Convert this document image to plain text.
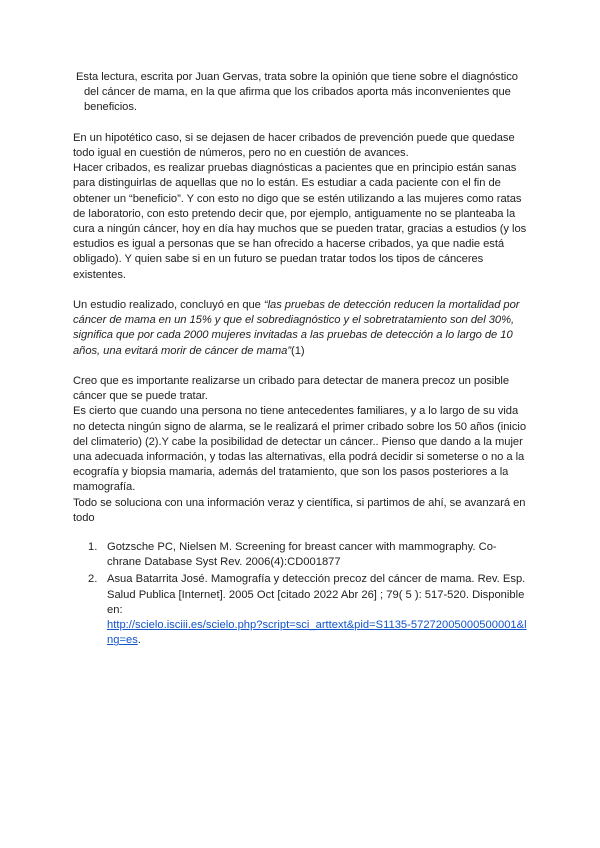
Esta lectura, escrita por Juan Gervas, trata sobre la opinión que tiene sobre el diagnóstico
del cáncer de mama, en la que afirma que los cribados aporta más inconvenientes que
beneficios.

En un hipotético caso, si se dejasen de hacer cribados de prevención puede que quedase todo igual en cuestión de números, pero no en cuestión de avances.

Hacer cribados, es realizar pruebas diagnósticas a pacientes que en principio están sanas para distinguirlas de aquellas que no lo están. Es estudiar a cada paciente con el fin de obtener un “beneficio”. Y con esto no digo que se estén utilizando a las mujeres como ratas de laboratorio, con esto pretendo decir que, por ejemplo, antiguamente no se planteaba la cura a ningún cáncer, hoy en día hay muchos que se pueden tratar, gracias a estudios (y los estudios es igual a personas que se han ofrecido a hacerse cribados, ya que nadie está obligado). Y quien sabe si en un futuro se puedan tratar todos los tipos de cánceres existentes.

Un estudio realizado, concluyó en que “las pruebas de detección reducen la mortalidad por cáncer de mama en un 15% y que el sobrediagnóstico y el sobretratamiento son del 30%, significa que por cada 2000 mujeres invitadas a las pruebas de detección a lo largo de 10 años, una evitará morir de cáncer de mama”(1)

Creo que es importante realizarse un cribado para detectar de manera precoz un posible cáncer que se puede tratar.

Es cierto que cuando una persona no tiene antecedentes familiares, y a lo largo de su vida no detecta ningún signo de alarma, se le realizará el primer cribado sobre los 50 años (inicio del climaterio) (2).Y cabe la posibilidad de detectar un cáncer.. Pienso que dando a la mujer una adecuada información, y todas las alternativas, ella podrá decidir si someterse o no a la ecografía y biopsia mamaria, además del tratamiento, que son los pasos posteriores a la mamografía.

Todo se soluciona con una información veraz y científica, si partimos de ahí, se avanzará en todo

1. Gotzsche PC, Nielsen M. Screening for breast cancer with mammography. Co-chrane Database Syst Rev. 2006(4):CD001877
2. Asua Batarrita José. Mamografía y detección precoz del cáncer de mama. Rev. Esp. Salud Publica [Internet]. 2005 Oct [citado 2022 Abr 26] ; 79( 5 ): 517-520. Disponible en:
http://scielo.isciii.es/scielo.php?script=sci_arttext&pid=S1135-57272005000500001&lng=es.
